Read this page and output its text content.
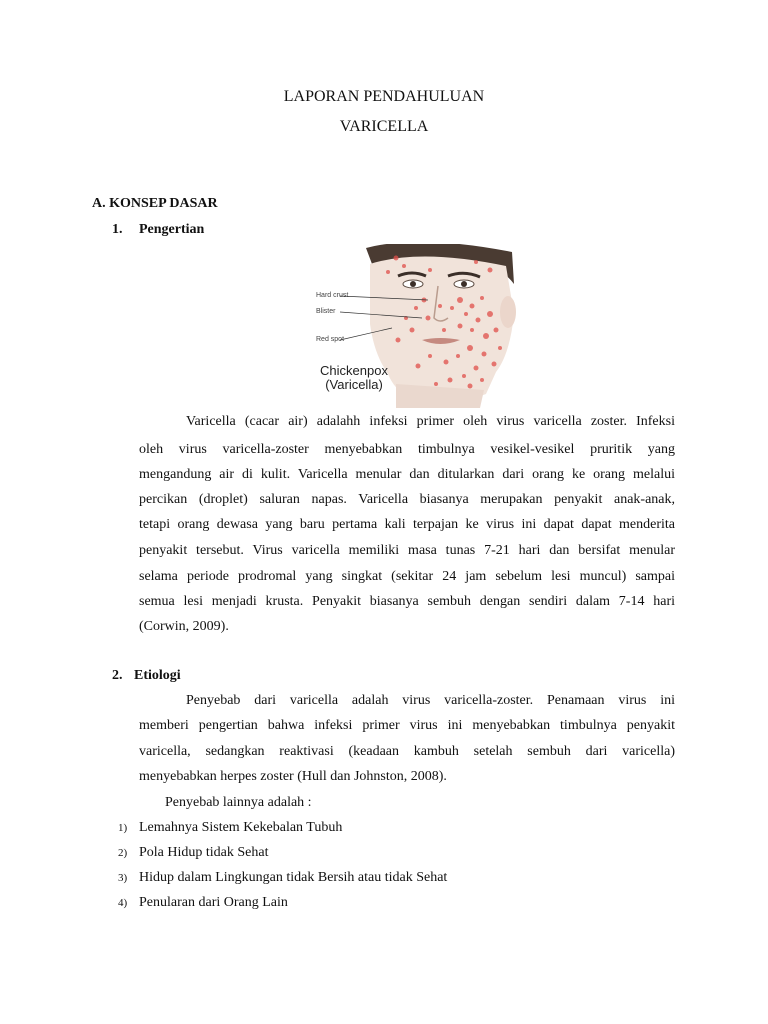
LAPORAN PENDAHULUAN
VARICELLA
A. KONSEP DASAR
1. Pengertian
Hard crust
Blister
Red spot
Chickenpox
(Varicella)
Varicella (cacar air) adalahh infeksi primer oleh virus varicella zoster. Infeksi
oleh virus varicella-zoster menyebabkan timbulnya vesikel-vesikel pruritik yang
mengandung air di kulit. Varicella menular dan ditularkan dari orang ke orang melalui
percikan (droplet) saluran napas. Varicella biasanya merupakan penyakit anak-anak,
tetapi orang dewasa yang baru pertama kali terpajan ke virus ini dapat dapat menderita
penyakit tersebut. Virus varicella memiliki masa tunas 7-21 hari dan bersifat menular
selama periode prodromal yang singkat (sekitar 24 jam sebelum lesi muncul) sampai
semua lesi menjadi krusta. Penyakit biasanya sembuh dengan sendiri dalam 7-14 hari
(Corwin, 2009).
2. Etiologi
Penyebab dari varicella adalah virus varicella-zoster. Penamaan virus ini
memberi pengertian bahwa infeksi primer virus ini menyebabkan timbulnya penyakit
varicella, sedangkan reaktivasi (keadaan kambuh setelah sembuh dari varicella)
menyebabkan herpes zoster (Hull dan Johnston, 2008).
Penyebab lainnya adalah :
1) Lemahnya Sistem Kekebalan Tubuh
2) Pola Hidup tidak Sehat
3) Hidup dalam Lingkungan tidak Bersih atau tidak Sehat
4) Penularan dari Orang Lain
